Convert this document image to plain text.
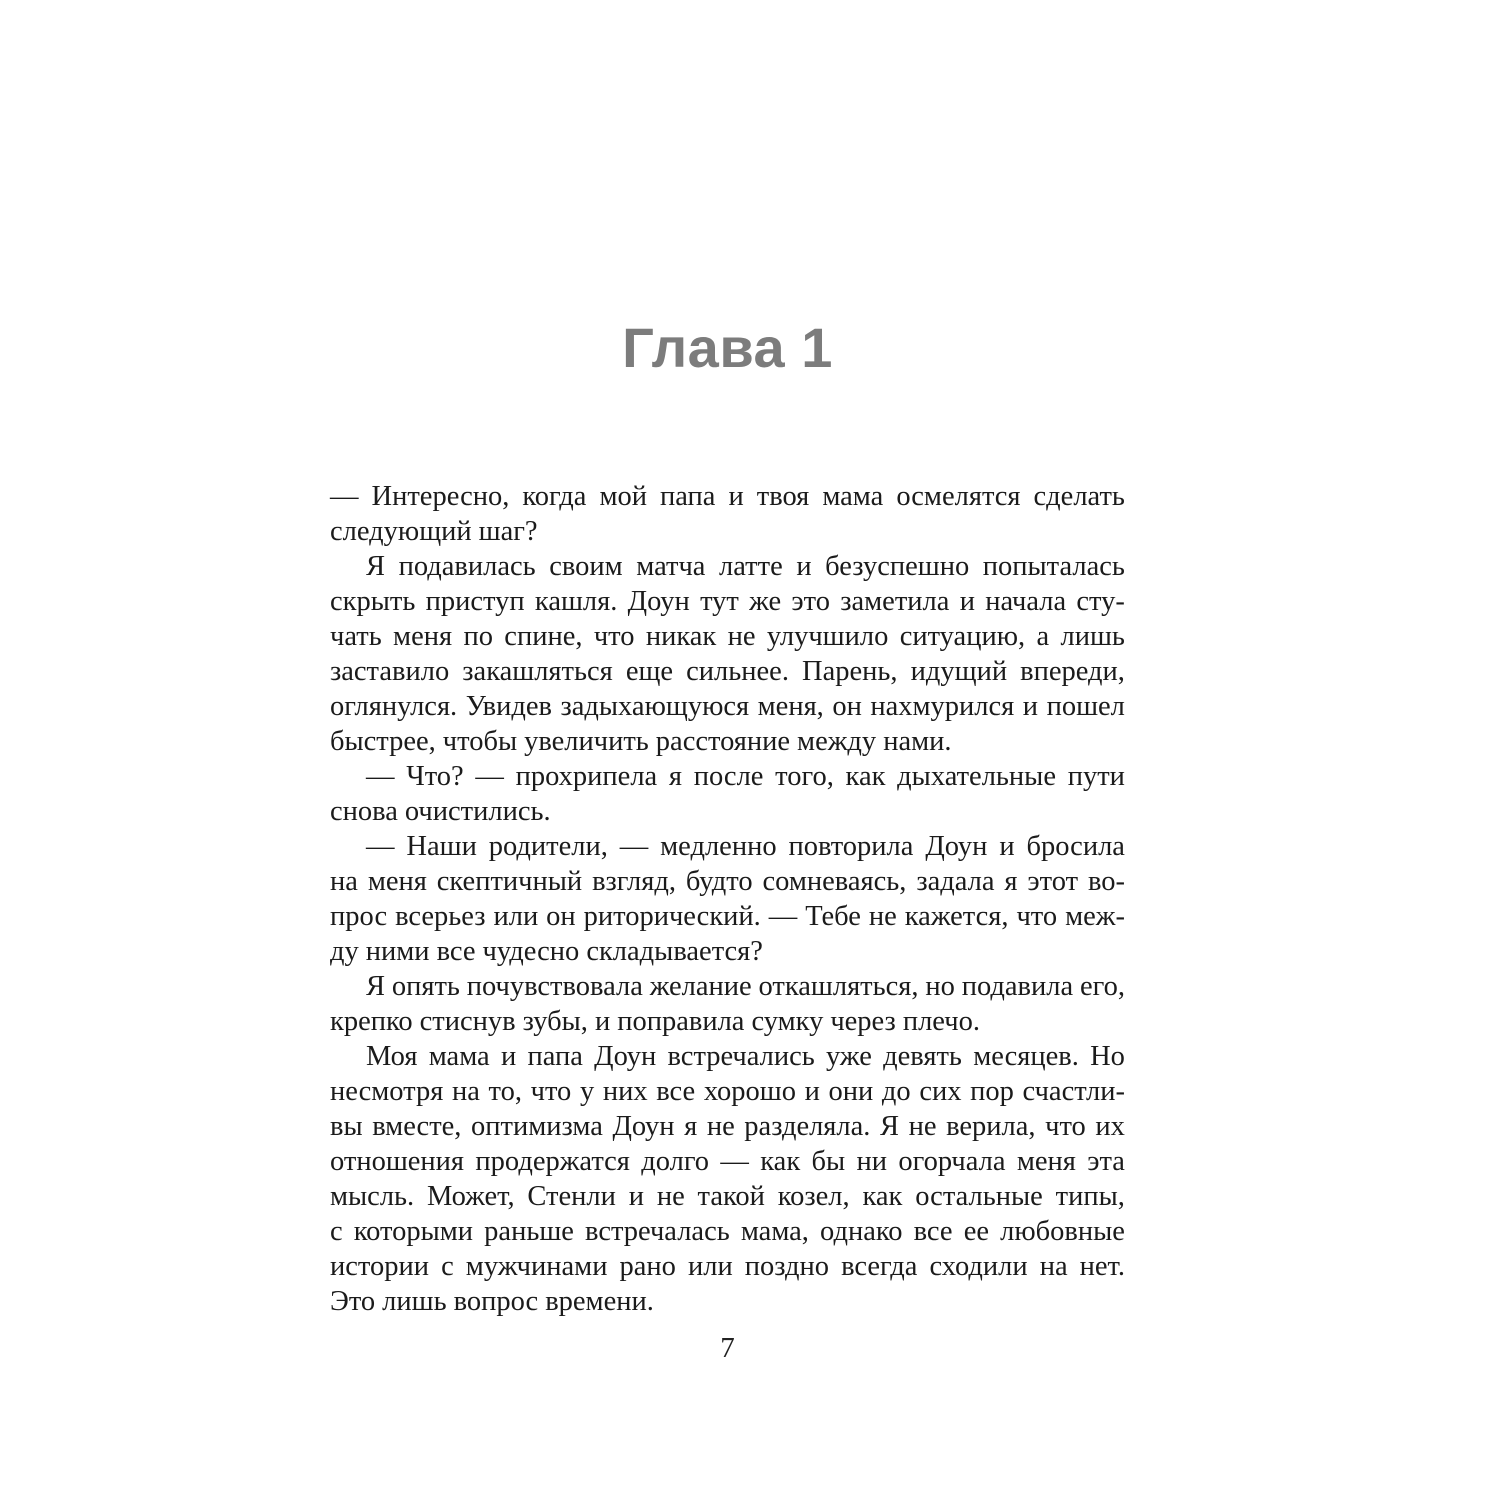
Глава 1
— Интересно, когда мой папа и твоя мама осмелятся сделать
следующий шаг?
Я подавилась своим матча латте и безуспешно попыталась
скрыть приступ кашля. Доун тут же это заметила и начала сту-
чать меня по спине, что никак не улучшило ситуацию, а лишь
заставило закашляться еще сильнее. Парень, идущий впереди,
оглянулся. Увидев задыхающуюся меня, он нахмурился и пошел
быстрее, чтобы увеличить расстояние между нами.
— Что? — прохрипела я после того, как дыхательные пути
снова очистились.
— Наши родители, — медленно повторила Доун и бросила
на меня скептичный взгляд, будто сомневаясь, задала я этот во-
прос всерьез или он риторический. — Тебе не кажется, что меж-
ду ними все чудесно складывается?
Я опять почувствовала желание откашляться, но подавила его,
крепко стиснув зубы, и поправила сумку через плечо.
Моя мама и папа Доун встречались уже девять месяцев. Но
несмотря на то, что у них все хорошо и они до сих пор счастли-
вы вместе, оптимизма Доун я не разделяла. Я не верила, что их
отношения продержатся долго — как бы ни огорчала меня эта
мысль. Может, Стенли и не такой козел, как остальные типы,
с которыми раньше встречалась мама, однако все ее любовные
истории с мужчинами рано или поздно всегда сходили на нет.
Это лишь вопрос времени.
7
